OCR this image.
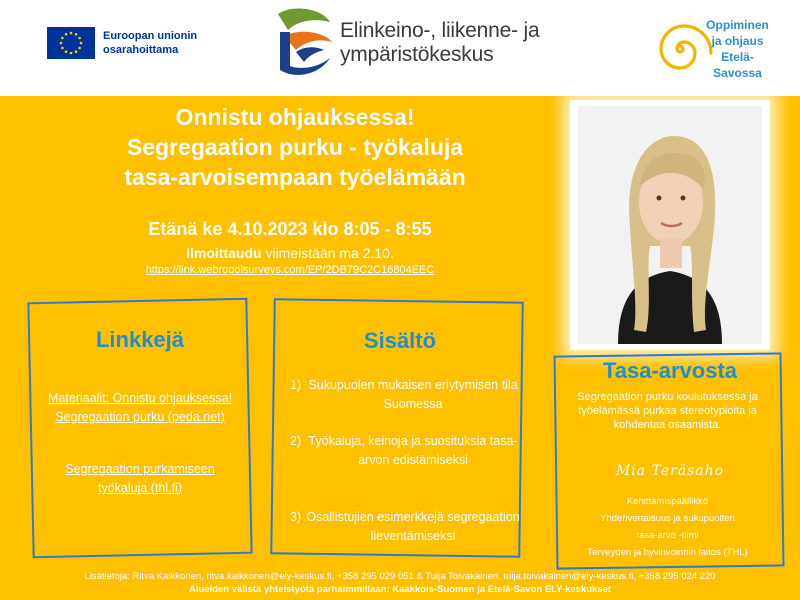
Euroopan unionin
osarahoittama
Elinkeino-, liikenne- ja
ympäristökeskus
Oppiminen
ja ohjaus
Etelä-
Savossa
Onnistu ohjauksessa!
Segregaation purku - työkaluja
tasa-arvoisempaan työelämään
Etänä ke 4.10.2023 klo 8:05 - 8:55
Ilmoittaudu viimeistään ma 2.10.
https://link.webropolsurveys.com/EP/2DB79C2C16804EEC
Linkkejä
Materiaalit: Onnistu ohjauksessa! Segregaation purku (peda.net)
Segregaation purkamiseen työkaluja (thl.fi)
Sisältö
1) Sukupuolen mukaisen eriytymisen tila Suomessa
2) Työkaluja, keinoja ja suosituksia tasa-arvon edistämiseksi
3) Osallistujien esimerkkejä segregaation lieventämiseksi
Tasa-arvosta
Segregaation purku koulutuksessa ja työelämässä purkaa stereotypioita ja kohdentaa osaamista.
Mia Teräsaho
Kehittämispäällikkö
Yhdenvertaisuus ja sukupuolten
tasa-arvo -tiimi
Terveyden ja hyvinvoinnin laitos (THL)
Lisätietoja: Ritva Kaikkonen, ritva.kaikkonen@ely-keskus.fi, +358 295 029 051 & Tuija Toivakainen, tuija.toivakainen@ely-keskus.fi, +358 295 024 220
Alueiden välistä yhteistyötä parhaimmillaan: Kaakkois-Suomen ja Etelä-Savon ELY-keskukset
